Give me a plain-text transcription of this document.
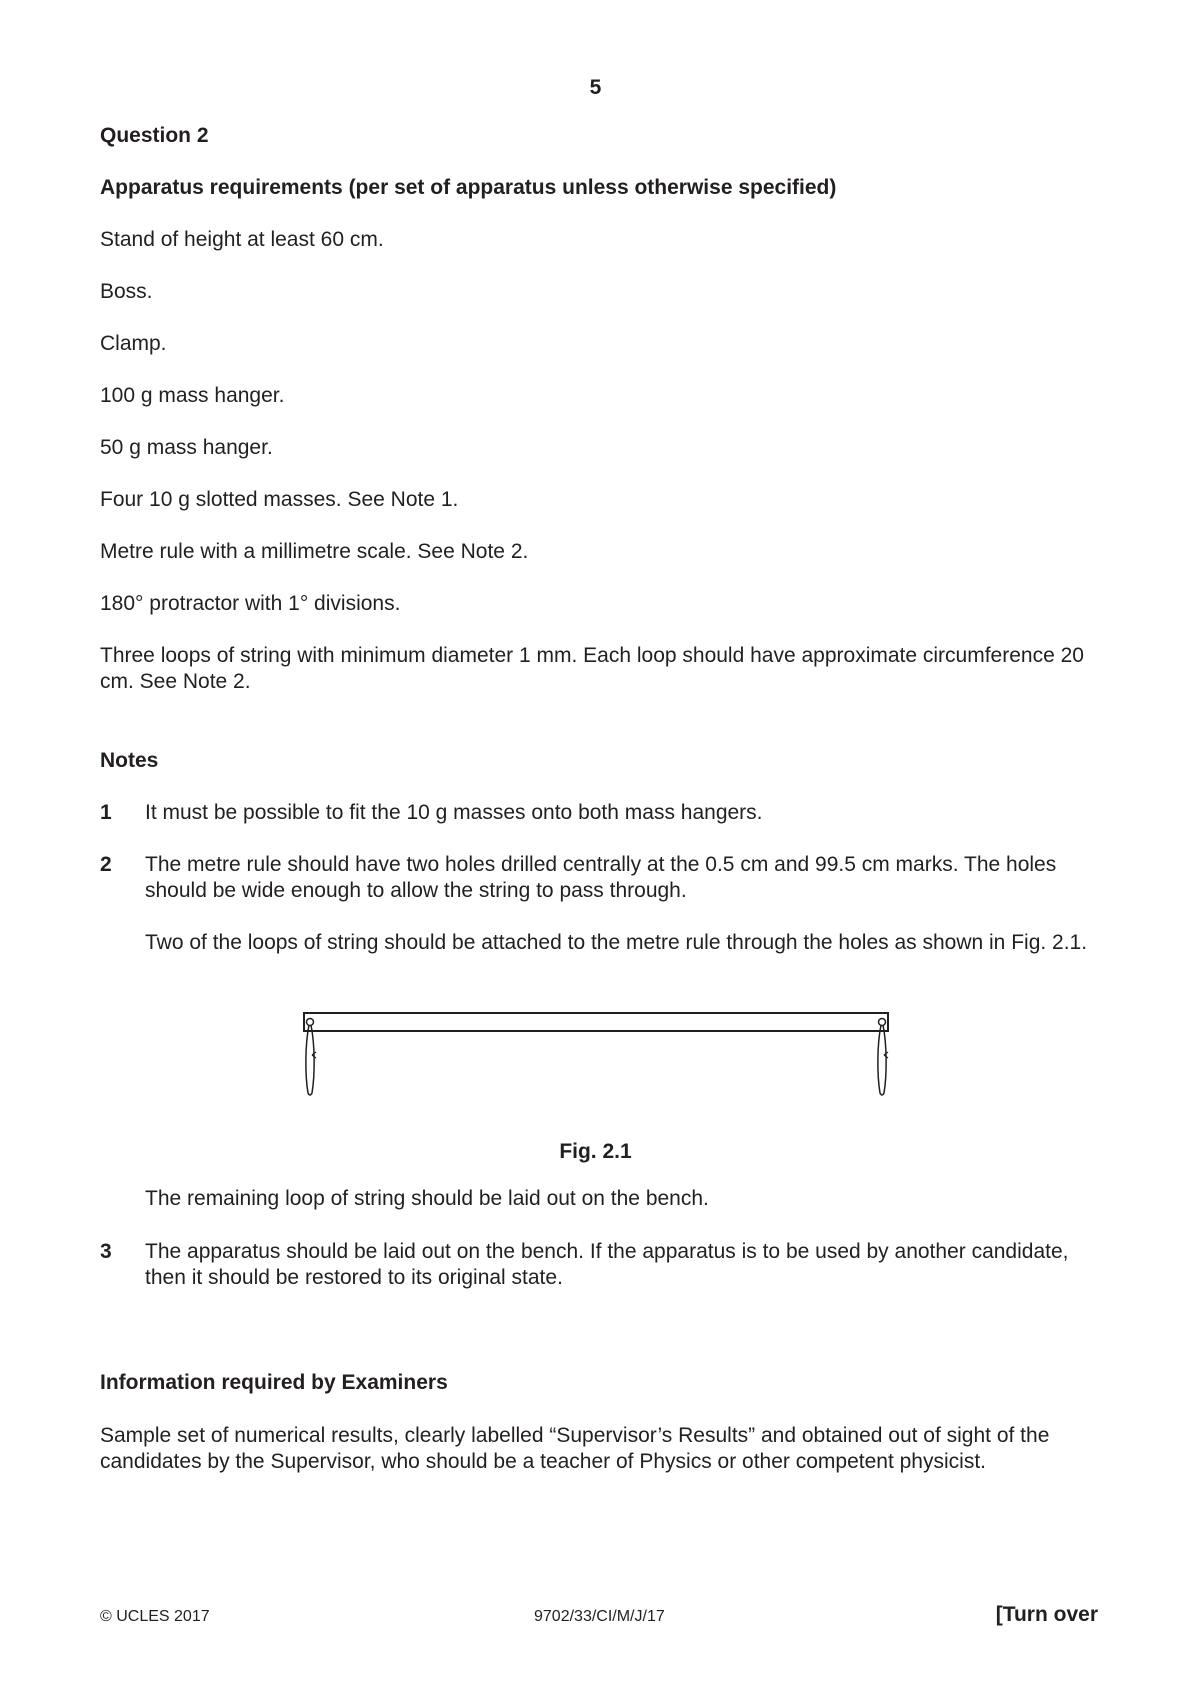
5
Question 2
Apparatus requirements (per set of apparatus unless otherwise specified)
Stand of height at least 60 cm.
Boss.
Clamp.
100 g mass hanger.
50 g mass hanger.
Four 10 g slotted masses. See Note 1.
Metre rule with a millimetre scale. See Note 2.
180° protractor with 1° divisions.
Three loops of string with minimum diameter 1 mm. Each loop should have approximate circumference 20 cm. See Note 2.
Notes
1 It must be possible to fit the 10 g masses onto both mass hangers.
2 The metre rule should have two holes drilled centrally at the 0.5 cm and 99.5 cm marks. The holes should be wide enough to allow the string to pass through.
Two of the loops of string should be attached to the metre rule through the holes as shown in Fig. 2.1.
Fig. 2.1
The remaining loop of string should be laid out on the bench.
3 The apparatus should be laid out on the bench. If the apparatus is to be used by another candidate, then it should be restored to its original state.
Information required by Examiners
Sample set of numerical results, clearly labelled “Supervisor’s Results” and obtained out of sight of the candidates by the Supervisor, who should be a teacher of Physics or other competent physicist.
© UCLES 2017	9702/33/CI/M/J/17	[Turn over
